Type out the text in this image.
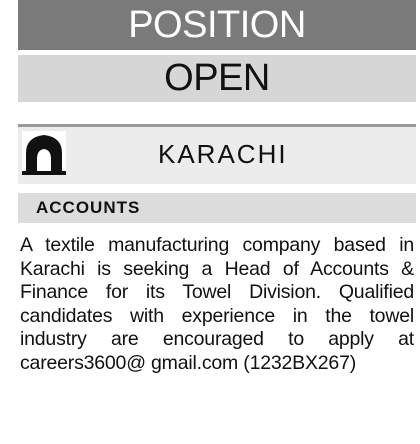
POSITION
OPEN
KARACHI
ACCOUNTS
A textile manufacturing company based in Karachi is seeking a Head of Accounts & Finance for its Towel Division. Qualified candidates with experience in the towel industry are encouraged to apply at careers3600@ gmail.com (1232BX267)
